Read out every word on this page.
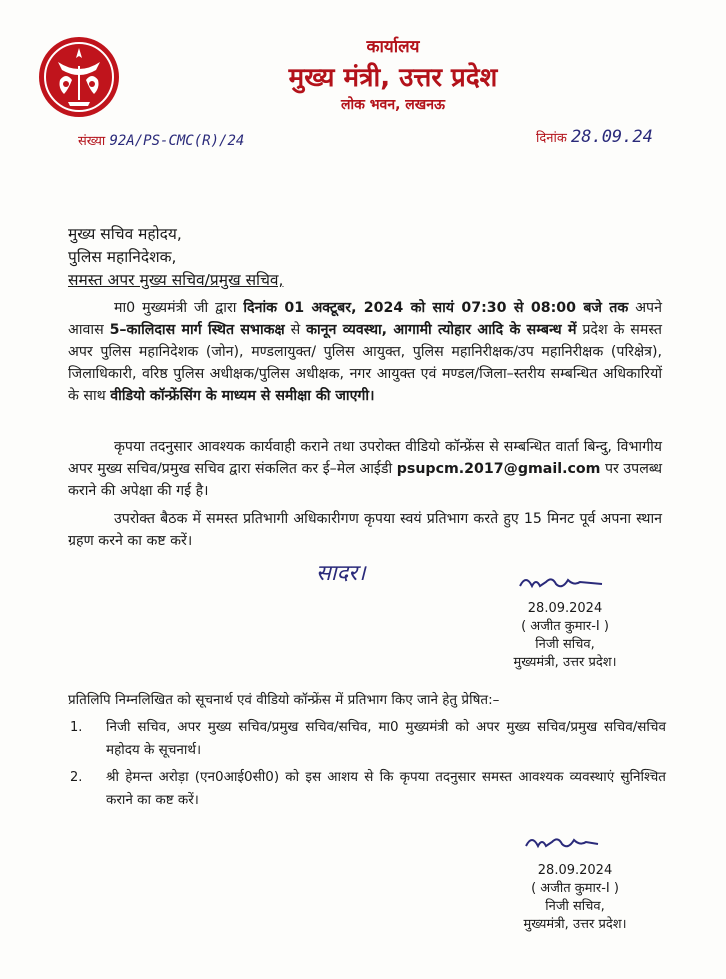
कार्यालय
मुख्य मंत्री, उत्तर प्रदेश
लोक भवन, लखनऊ
संख्या 92A/PS-CMC(R)/24	दिनांक 28.09.24
मुख्य सचिव महोदय,
पुलिस महानिदेशक,
समस्त अपर मुख्य सचिव/प्रमुख सचिव,
मा0 मुख्यमंत्री जी द्वारा दिनांक 01 अक्टूबर, 2024 को सायं 07:30 से 08:00 बजे तक अपने आवास 5–कालिदास मार्ग स्थित सभाकक्ष से कानून व्यवस्था, आगामी त्योहार आदि के सम्बन्ध में प्रदेश के समस्त अपर पुलिस महानिदेशक (जोन), मण्डलायुक्त/ पुलिस आयुक्त, पुलिस महानिरीक्षक/उप महानिरीक्षक (परिक्षेत्र), जिलाधिकारी, वरिष्ठ पुलिस अधीक्षक/पुलिस अधीक्षक, नगर आयुक्त एवं मण्डल/जिला–स्तरीय सम्बन्धित अधिकारियों के साथ वीडियो कॉन्फ्रेंसिंग के माध्यम से समीक्षा की जाएगी।
कृपया तदनुसार आवश्यक कार्यवाही कराने तथा उपरोक्त वीडियो कॉन्फ्रेंस से सम्बन्धित वार्ता बिन्दु, विभागीय अपर मुख्य सचिव/प्रमुख सचिव द्वारा संकलित कर ई–मेल आईडी psupcm.2017@gmail.com पर उपलब्ध कराने की अपेक्षा की गई है।
उपरोक्त बैठक में समस्त प्रतिभागी अधिकारीगण कृपया स्वयं प्रतिभाग करते हुए 15 मिनट पूर्व अपना स्थान ग्रहण करने का कष्ट करें।
सादर।
28.09.2024
( अजीत कुमार-I )
निजी सचिव,
मुख्यमंत्री, उत्तर प्रदेश।
प्रतिलिपि निम्नलिखित को सूचनार्थ एवं वीडियो कॉन्फ्रेंस में प्रतिभाग किए जाने हेतु प्रेषित:–
1. निजी सचिव, अपर मुख्य सचिव/प्रमुख सचिव/सचिव, मा0 मुख्यमंत्री को अपर मुख्य सचिव/प्रमुख सचिव/सचिव महोदय के सूचनार्थ।
2. श्री हेमन्त अरोड़ा (एन0आई0सी0) को इस आशय से कि कृपया तदनुसार समस्त आवश्यक व्यवस्थाएं सुनिश्चित कराने का कष्ट करें।
28.09.2024
( अजीत कुमार-I )
निजी सचिव,
मुख्यमंत्री, उत्तर प्रदेश।
